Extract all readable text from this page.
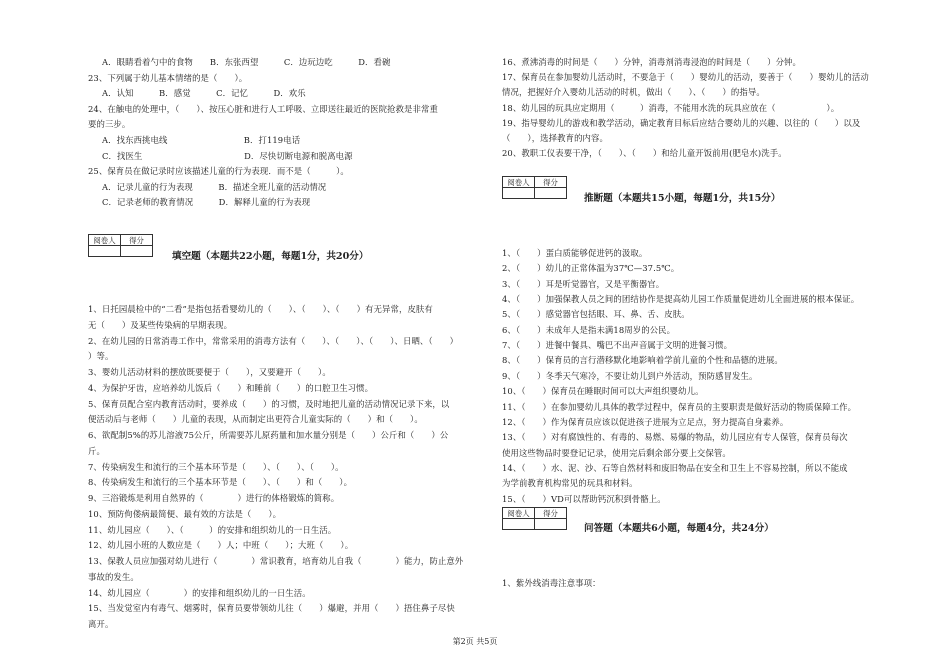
A．眼睛看着勺中的食物　　B．东张西望　　　C．边玩边吃　　　D．看碗
23、下列属于幼儿基本情绪的是（　　）。
A．认知　　　B．感觉　　　C．记忆　　　D．欢乐
24、在触电的处理中，（　　）、按压心脏和进行人工呼吸、立即送往最近的医院抢救是非常重
要的三步。
A．找东西挑电线　　　　　　　　　B．打119电话
C．找医生　　　　　　　　　　　　D．尽快切断电源和脱离电源
25、保育员在做记录时应该描述儿童的行为表现．而不是（　　　）。
A．记录儿童的行为表现　　　B．描述全班儿童的活动情况
C．记录老师的教育情况　　　D．解释儿童的行为表现
阅卷人	得分

填空题（本题共22小题，每题1分，共20分）
1、日托园晨检中的“二看”是指包括看婴幼儿的（　　）、（　　）、（　　）有无异常，皮肤有
无（　　）及某些传染病的早期表现。
2、在幼儿园的日常消毒工作中，常常采用的消毒方法有（　　）、（　　）、（　　）、日晒、（　　）
）等。
3、婴幼儿活动材料的摆放既要便于（　　），又要避开（　　）。
4、为保护牙齿，应培养幼儿饭后（　　）和睡前（　　）的口腔卫生习惯。
5、保育员配合室内教育活动时，要养成（　　）的习惯，及时地把儿童的活动情况记录下来，以
便活动后与老师（　　）儿童的表现，从而制定出更符合儿童实际的（　　）和（　　）。
6、欲配制5%的苏儿溶液75公斤，所需要苏儿原药量和加水量分别是（　　）公斤和（　　）公
斤。
7、传染病发生和流行的三个基本环节是（　　）、（　　）、（　　）。
8、传染病发生和流行的三个基本环节是（　　）、（　　）和（　　）。
9、三浴锻炼是利用自然界的（　　　　）进行的体格锻炼的简称。
10、预防佝偻病最简便、最有效的方法是（　　）。
11、幼儿园应（　　）、（　　　）的安排和组织幼儿的一日生活。
12、幼儿园小班的人数应是（　　）人；中班（　　）；大班（　　）。
13、保教人员应加强对幼儿进行（　　　　）常识教育，培育幼儿自我（　　　　）能力，防止意外
事故的发生。
14、幼儿园应（　　　　）的安排和组织幼儿的一日生活。
15、当发觉室内有毒气、烟雾时，保育员要带领幼儿往（　　）爆避，并用（　　）捂住鼻子尽快
离开。
16、煮沸消毒的时间是（　　）分钟，消毒剂消毒浸泡的时间是（　　）分钟。
17、保育员在参加婴幼儿活动时，不要急于（　　）婴幼儿的活动，要善于（　　）婴幼儿的活动
情况，把握好介入婴幼儿活动的时机，做出（　　）、（　　）的指导。
18、幼儿园的玩具应定期用（　　　）消毒，不能用水洗的玩具应放在（　　　　　　）。
19、指导婴幼儿的游戏和教学活动，确定教育目标后应结合婴幼儿的兴趣、以往的（　　）以及
（　　），选择教育的内容。
20、教职工仪表要干净，（　　）、（　　）和给儿童开饭前用(肥皂水)洗手。
阅卷人	得分

推断题（本题共15小题，每题1分，共15分）
1、（　　）蛋白质能够促进钙的汲取。
2、（　　）幼儿的正常体温为37℃—37.5℃。
3、（　　）耳是听觉器官，又是平衡器官。
4、（　　）加强保教人员之间的团结协作是提高幼儿园工作质量促进幼儿全面进展的根本保证。
5、（　　）感觉器官包括眼、耳、鼻、舌、皮肤。
6、（　　）未成年人是指未满18周岁的公民。
7、（　　）进餐中餐具、嘴巴不出声音属于文明的进餐习惯。
8、（　　）保育员的言行潜移默化地影响着学前儿童的个性和品德的进展。
9、（　　）冬季天气寒冷，不要让幼儿到户外活动，预防感冒发生。
10、（　　）保育员在睡眠时间可以大声组织婴幼儿。
11、（　　）在参加婴幼儿具体的教学过程中，保育员的主要职责是做好活动的物质保障工作。
12、（　　）作为保育员应该以促进孩子进展为立足点，努力提高自身素养。
13、（　　）对有腐蚀性的、有毒的、易燃、易爆的物品，幼儿园应有专人保管，保育员每次
使用这些物品时要登记记录，使用完后剩余部分要上交保管。
14、（　　）水、泥、沙、石等自然材料和废旧物品在安全和卫生上不容易控制，所以不能成
为学前教育机构常见的玩具和材料。
15、（　　）VD可以帮助钙沉积到骨骼上。
阅卷人	得分

问答题（本题共6小题，每题4分，共24分）
1、紫外线消毒注意事项：
第2页 共5页
